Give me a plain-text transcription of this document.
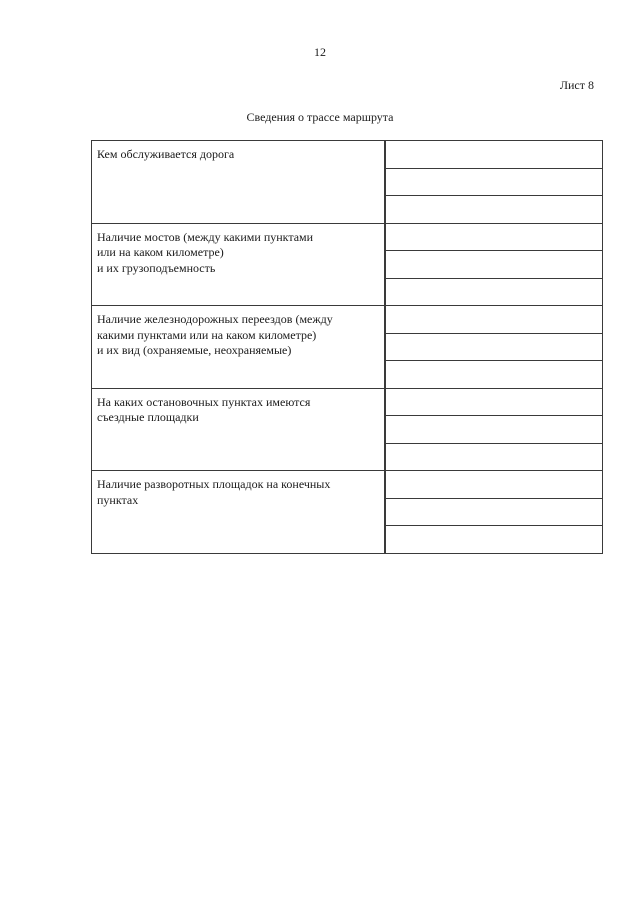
12
Лист 8
Сведения о трассе маршрута
Кем обслуживается дорога	

Наличие мостов (между какими пунктами
или на каком километре)
и их грузоподъемность	

Наличие железнодорожных переездов (между
какими пунктами или на каком километре)
и их вид (охраняемые, неохраняемые)	

На каких остановочных пунктах имеются
съездные площадки	

Наличие разворотных площадок на конечных
пунктах	
